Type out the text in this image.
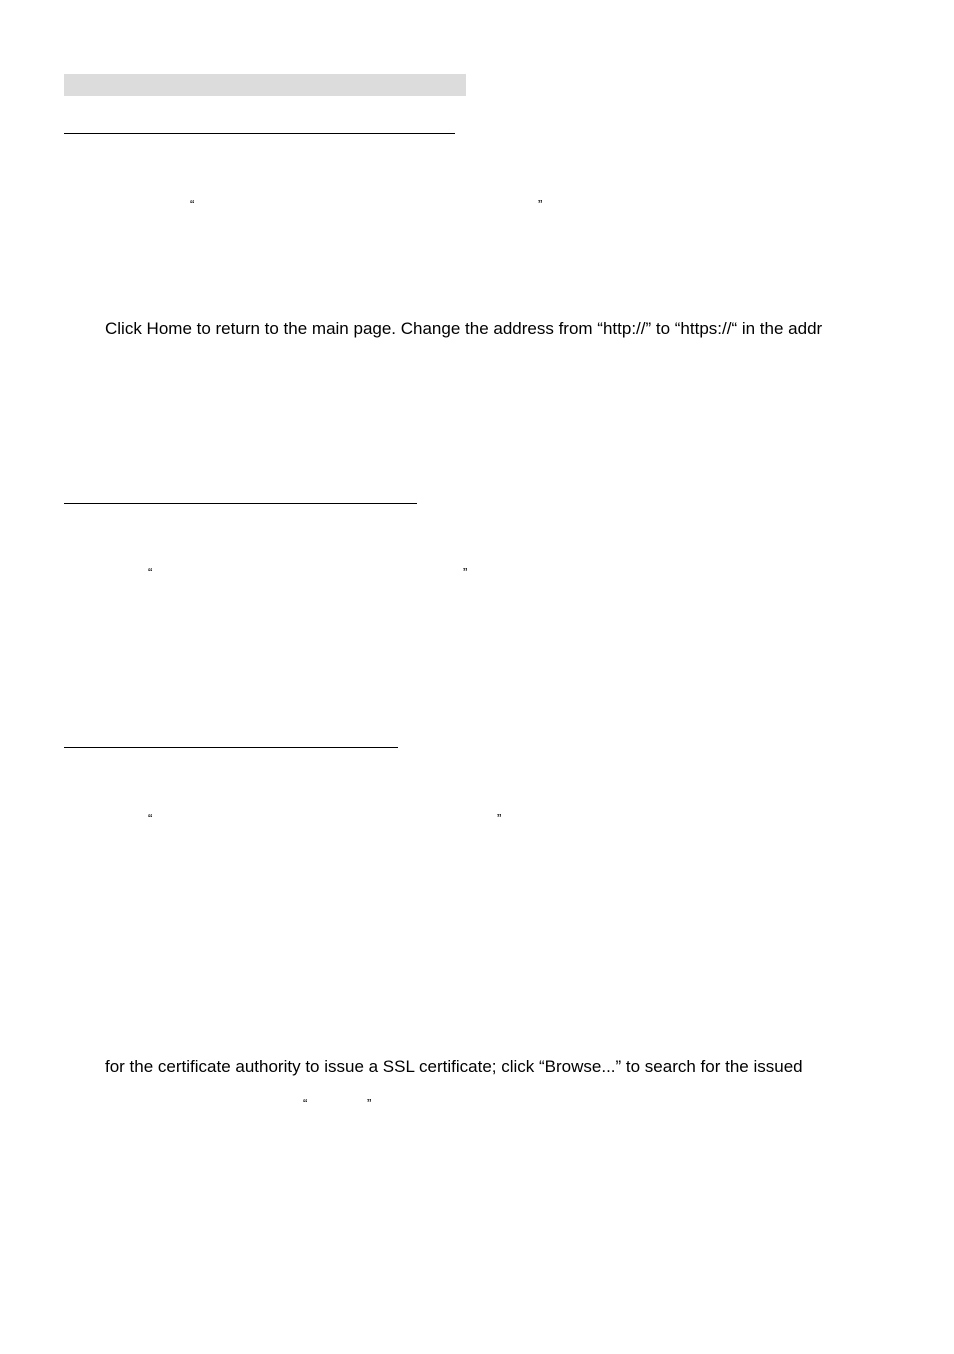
“	”
Click Home to return to the main page. Change the address from “http://” to “https://“ in the addr
“	”
“	”
for the certificate authority to issue a SSL certificate; click “Browse...” to search for the issued
“	”
